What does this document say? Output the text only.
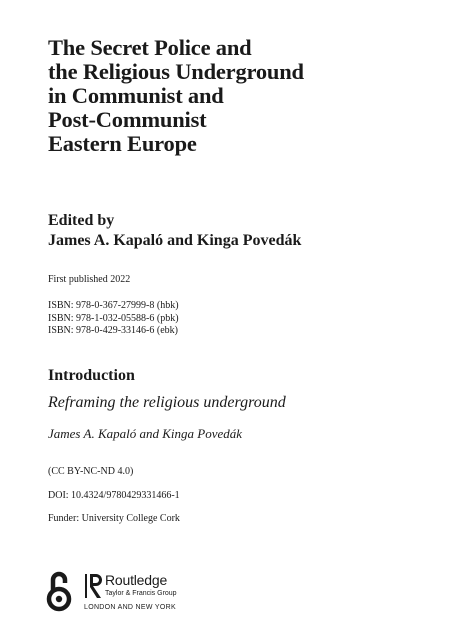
The Secret Police and
the Religious Underground
in Communist and
Post-Communist
Eastern Europe
Edited by
James A. Kapaló and Kinga Povedák
First published 2022
ISBN: 978-0-367-27999-8 (hbk)
ISBN: 978-1-032-05588-6 (pbk)
ISBN: 978-0-429-33146-6 (ebk)
Introduction
Reframing the religious underground
James A. Kapaló and Kinga Povedák
(CC BY-NC-ND 4.0)
DOI: 10.4324/9780429331466-1
Funder: University College Cork
Routledge
Taylor & Francis Group
LONDON AND NEW YORK
